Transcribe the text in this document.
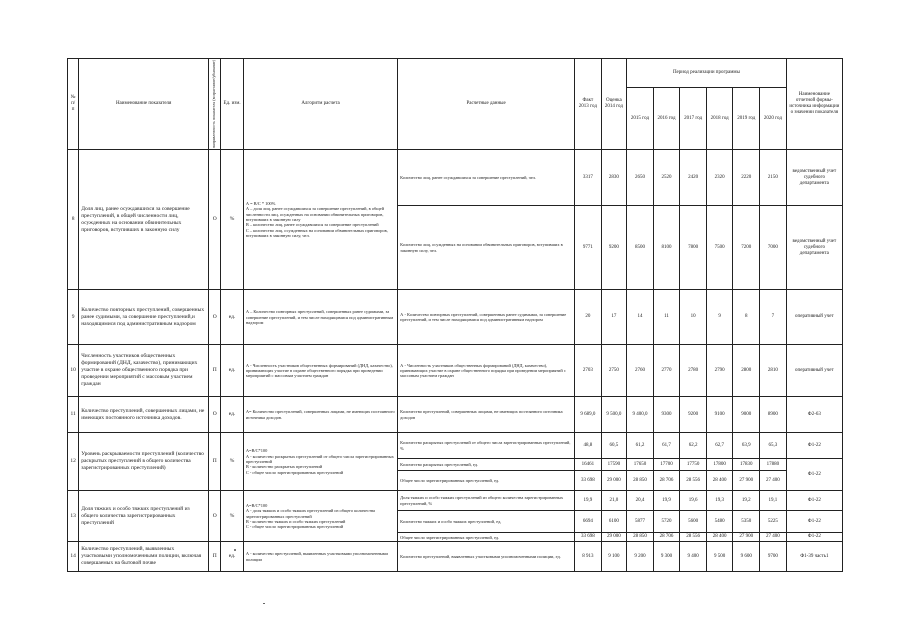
№ п/п	Наименование показателя	направленность показателя (возрастание/убывание)	Ед. изм.	Алгоритм расчета	Расчетные данные	Факт 2013 год	Оценка 2014 год	Период реализации программы						Наименование отчетной формы-источника информации о значении показателя
								2015 год	2016 год	2017 год	2018 год	2019 год	2020 год	
8	Доля лиц, ранее осуждавшихся за совершение преступлений, в общей численности лиц, осужденных на основании обвинительных приговоров, вступивших в законную силу	О	%	А = В/С * 100%
А – доля лиц, ранее осуждавшихся за совершение преступлений, в общей численности лиц, осужденных на основании обвинительных приговоров, вступивших в законную силу
В – количество лиц, ранее осуждавшихся за совершение преступлений
С – количество лиц, осужденных на основании обвинительных приговоров, вступивших в законную силу, чел.	Количество лиц, ранее осуждавшихся за совершение преступлений, чел.	3317	2830	2650	2520	2420	2320	2220	2150	ведомственный учет судебного департамента
					Количество лиц, осужденных на основании обвинительных приговоров, вступивших в законную силу, чел.	9771	9200	8500	8100	7800	7500	7200	7000	ведомственный учет судебного департамента
9	Количество повторных преступлений, совершенных ранее судимыми, за совершение преступлений,и находящимися под административным надзором	О	ед.	А – Количество повторных преступлений, совершенных ранее судимыми, за совершение преступлений, и тем числе находящимися под административным надзором	А - Количество повторных преступлений, совершенных ранее судимыми, за совершение преступлений, и тем числе находящимися под административным надзором	20	17	14	11	10	9	8	7	оперативный учет
10	Численность участников общественных формирований (ДНД, казачество), принимающих участие в охране общественного порядка при проведении мероприятий с массовым участием граждан	П	ед.	А - Численность участников общественных формирований (ДНД, казачество), принимающих участие в охране общественного порядка при проведении мероприятий с массовым участием граждан	А - Численность участников общественных формирований (ДНД, казачество), принимающих участие в охране общественного порядка при проведении мероприятий с массовым участием граждан	2703	2750	2760	2770	2780	2790	2800	2810	оперативный учет
11	Количество преступлений, совершенных лицами, не имеющих постоянного источника доходов.	О	ед.	А= Количество преступлений, совершенных лицами, не имеющих постоянного источника доходов.	Количество преступлений, совершенных лицами, не имеющих постоянного источника доходов	9 689,0	9 500,0	9 400,0	9300	9200	9100	9000	8900	Ф2-63
12	Уровень раскрываемости преступлений (количество раскрытых преступлений в общего количества зарегистрированных преступлений)	П	%	А=В/С*100
А - количество раскрытых преступлений от общего числа зарегистрированных преступлений
В - количество раскрытых преступлений
С - общее число зарегистрированных преступлений	Количество раскрытых преступлений от общего числа зарегистрированных преступлений, %	48,8	60,5	61,2	61,7	62,2	62,7	63,9	65,3	Ф1-22
					Количество раскрытых преступлений, ед.	16461	17590	17650	17700	17750	17800	17830	17880	Ф1-22
					Общее число зарегистрированных преступлений, ед.	33 698	29 000	28 850	28 706	28 556	28 400	27 900	27 400	
13	Доля тяжких и особо тяжких преступлений из общего количества зарегистрированных преступлений	О	%	А=В/С*100
А - доля тяжких и особо тяжких преступлений из общего количества зарегистрированных преступлений
В - количество тяжких и особо тяжких преступлений
С - общее число зарегистрированных преступлений	Доля тяжких и особо тяжких преступлений из общего количества зарегистрированных преступлений, %	19,9	21,0	20,4	19,9	19,6	19,3	19,2	19,1	Ф1-22
					Количество тяжких и особо тяжких преступлений, ед.	6694	6100	5877	5720	5600	5480	5350	5225	Ф1-22
					Общее число зарегистрированных преступлений, ед.	33 698	29 000	28 850	28 706	28 556	28 400	27 900	27 400	Ф1-22
14	Количество преступлений, выявленных участковыми уполномоченными полиции, включая совершаемых на бытовой почве	П	ед.	А - количество преступлений, выявленных участковыми уполномоченными полиции	Количество преступлений, выявленных участковыми уполномоченными полиции, ед.	8 913	9 100	9 200	9 300	9 400	9 500	9 600	9700	Ф1-39 часть1
